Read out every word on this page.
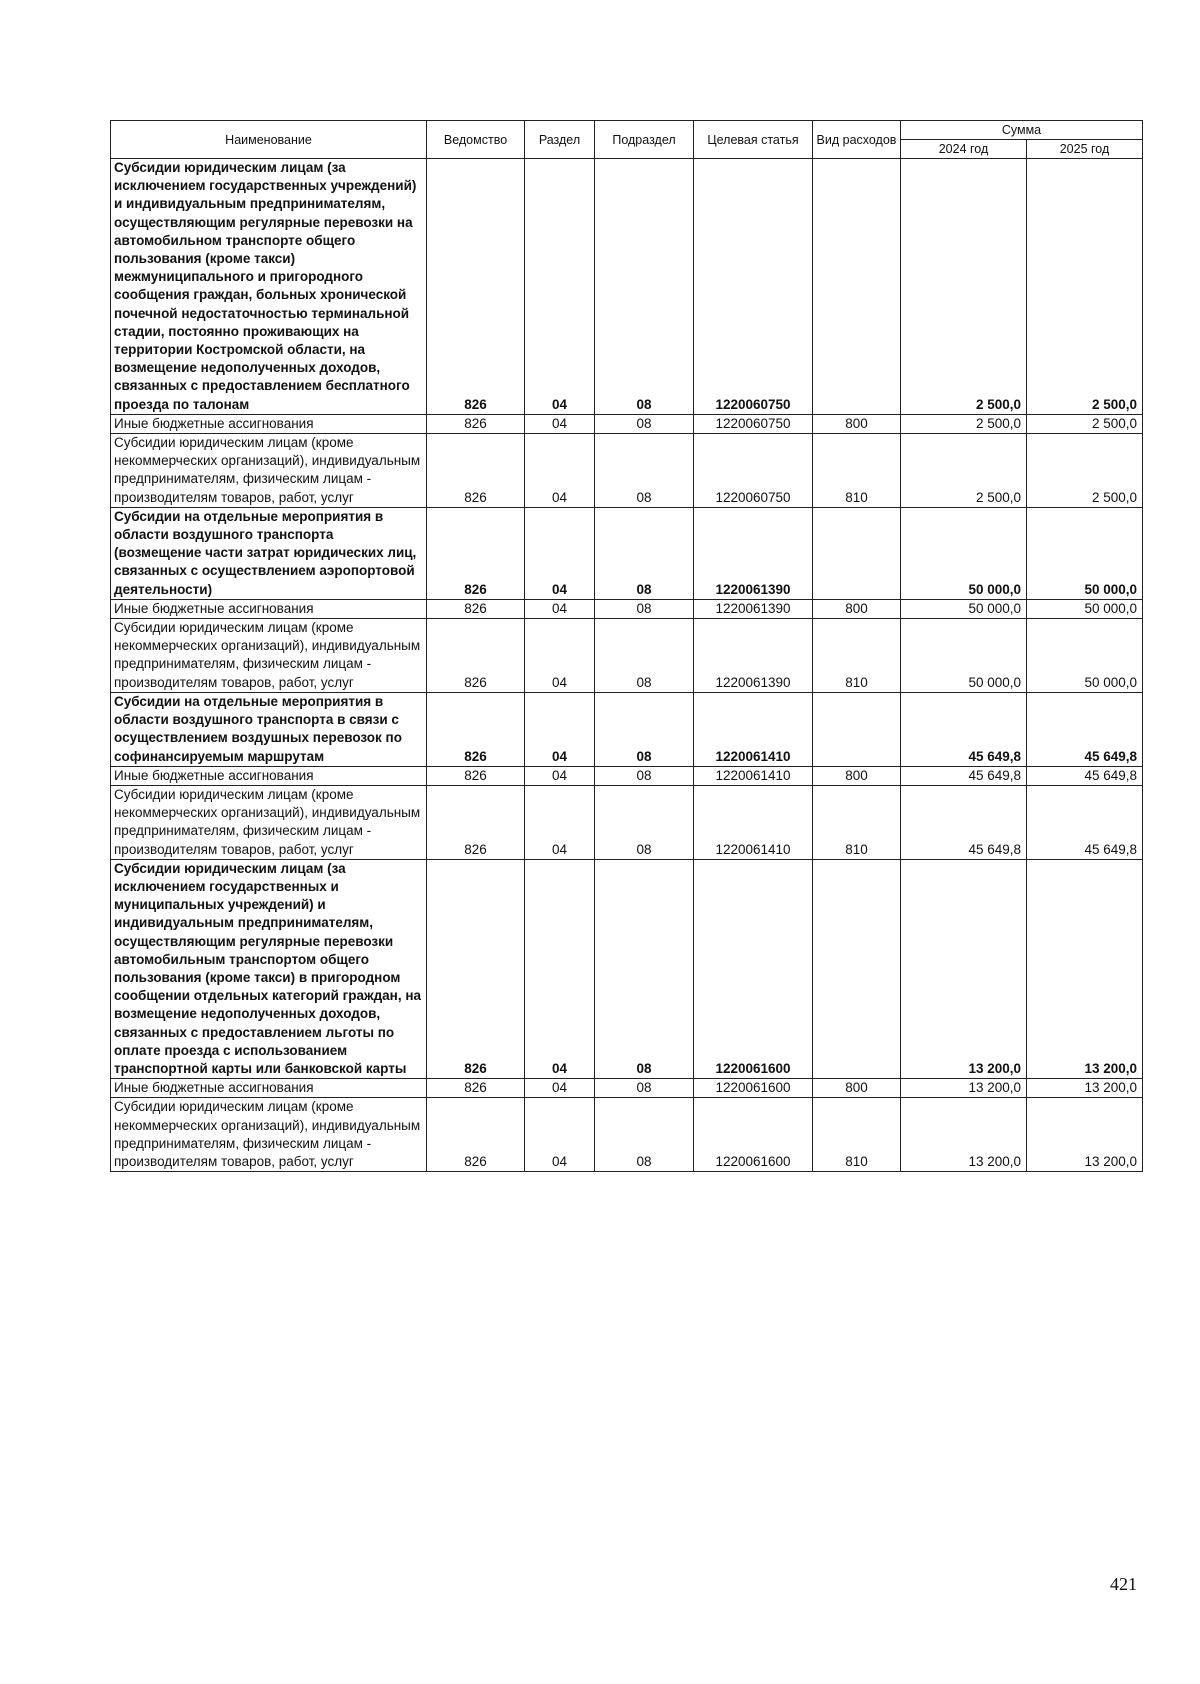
Наименование	Ведомство	Раздел	Подраздел	Целевая статья	Вид расходов	Сумма	
						2024 год	2025 год
Субсидии юридическим лицам (за исключением государственных учреждений) и индивидуальным предпринимателям, осуществляющим регулярные перевозки на автомобильном транспорте общего пользования (кроме такси) межмуниципального и пригородного сообщения граждан, больных хронической почечной недостаточностью терминальной стадии, постоянно проживающих на территории Костромской области, на возмещение недополученных доходов, связанных с предоставлением бесплатного проезда по талонам	826	04	08	1220060750		2 500,0	2 500,0
Иные бюджетные ассигнования	826	04	08	1220060750	800	2 500,0	2 500,0
Субсидии юридическим лицам (кроме некоммерческих организаций), индивидуальным предпринимателям, физическим лицам - производителям товаров, работ, услуг	826	04	08	1220060750	810	2 500,0	2 500,0
Субсидии на отдельные мероприятия в области воздушного транспорта (возмещение части затрат юридических лиц, связанных с осуществлением аэропортовой деятельности)	826	04	08	1220061390		50 000,0	50 000,0
Иные бюджетные ассигнования	826	04	08	1220061390	800	50 000,0	50 000,0
Субсидии юридическим лицам (кроме некоммерческих организаций), индивидуальным предпринимателям, физическим лицам - производителям товаров, работ, услуг	826	04	08	1220061390	810	50 000,0	50 000,0
Субсидии на отдельные мероприятия в области воздушного транспорта в связи с осуществлением воздушных перевозок по софинансируемым маршрутам	826	04	08	1220061410		45 649,8	45 649,8
Иные бюджетные ассигнования	826	04	08	1220061410	800	45 649,8	45 649,8
Субсидии юридическим лицам (кроме некоммерческих организаций), индивидуальным предпринимателям, физическим лицам - производителям товаров, работ, услуг	826	04	08	1220061410	810	45 649,8	45 649,8
Субсидии юридическим лицам (за исключением государственных и муниципальных учреждений) и индивидуальным предпринимателям, осуществляющим регулярные перевозки автомобильным транспортом общего пользования (кроме такси) в пригородном сообщении отдельных категорий граждан, на возмещение недополученных доходов, связанных с предоставлением льготы по оплате проезда с использованием транспортной карты или банковской карты	826	04	08	1220061600		13 200,0	13 200,0
Иные бюджетные ассигнования	826	04	08	1220061600	800	13 200,0	13 200,0
Субсидии юридическим лицам (кроме некоммерческих организаций), индивидуальным предпринимателям, физическим лицам - производителям товаров, работ, услуг	826	04	08	1220061600	810	13 200,0	13 200,0
421
